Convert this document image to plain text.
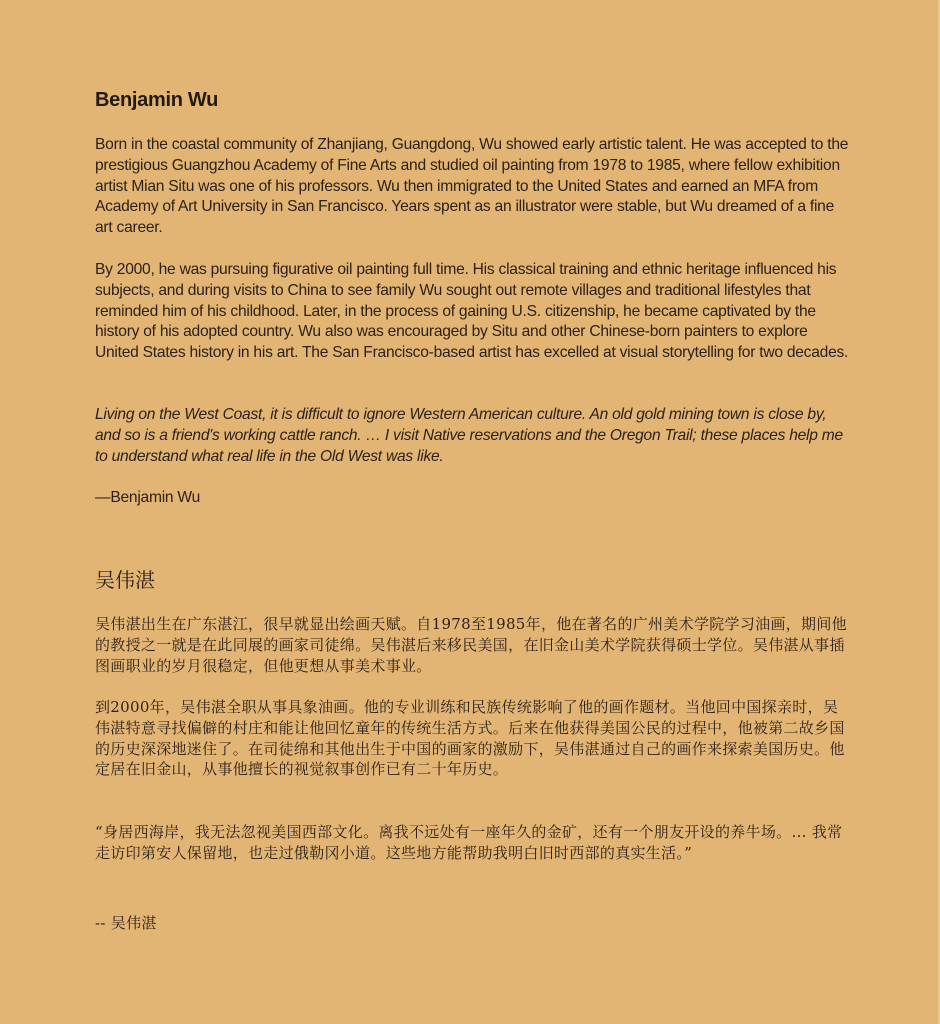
Benjamin Wu

Born in the coastal community of Zhanjiang, Guangdong, Wu showed early artistic talent. He was accepted to the prestigious Guangzhou Academy of Fine Arts and studied oil painting from 1978 to 1985, where fellow exhibition artist Mian Situ was one of his professors. Wu then immigrated to the United States and earned an MFA from Academy of Art University in San Francisco. Years spent as an illustrator were stable, but Wu dreamed of a fine art career.

By 2000, he was pursuing figurative oil painting full time. His classical training and ethnic heritage influenced his subjects, and during visits to China to see family Wu sought out remote villages and traditional lifestyles that reminded him of his childhood. Later, in the process of gaining U.S. citizenship, he became captivated by the history of his adopted country. Wu also was encouraged by Situ and other Chinese-born painters to explore United States history in his art. The San Francisco-based artist has excelled at visual storytelling for two decades.

Living on the West Coast, it is difficult to ignore Western American culture. An old gold mining town is close by, and so is a friend's working cattle ranch. … I visit Native reservations and the Oregon Trail; these places help me to understand what real life in the Old West was like.

—Benjamin Wu

吴伟湛

吴伟湛出生在广东湛江，很早就显出绘画天赋。自1978至1985年，他在著名的广州美术学院学习油画，期间他的教授之一就是在此同展的画家司徒绵。吴伟湛后来移民美国，在旧金山美术学院获得硕士学位。吴伟湛从事插图画职业的岁月很稳定，但他更想从事美术事业。

到2000年，吴伟湛全职从事具象油画。他的专业训练和民族传统影响了他的画作题材。当他回中国探亲时，吴伟湛特意寻找偏僻的村庄和能让他回忆童年的传统生活方式。后来在他获得美国公民的过程中，他被第二故乡国的历史深深地迷住了。在司徒绵和其他出生于中国的画家的激励下，吴伟湛通过自己的画作来探索美国历史。他定居在旧金山，从事他擅长的视觉叙事创作已有二十年历史。

“身居西海岸，我无法忽视美国西部文化。离我不远处有一座年久的金矿，还有一个朋友开设的养牛场。… 我常走访印第安人保留地，也走过俄勒冈小道。这些地方能帮助我明白旧时西部的真实生活。”

-- 吴伟湛
